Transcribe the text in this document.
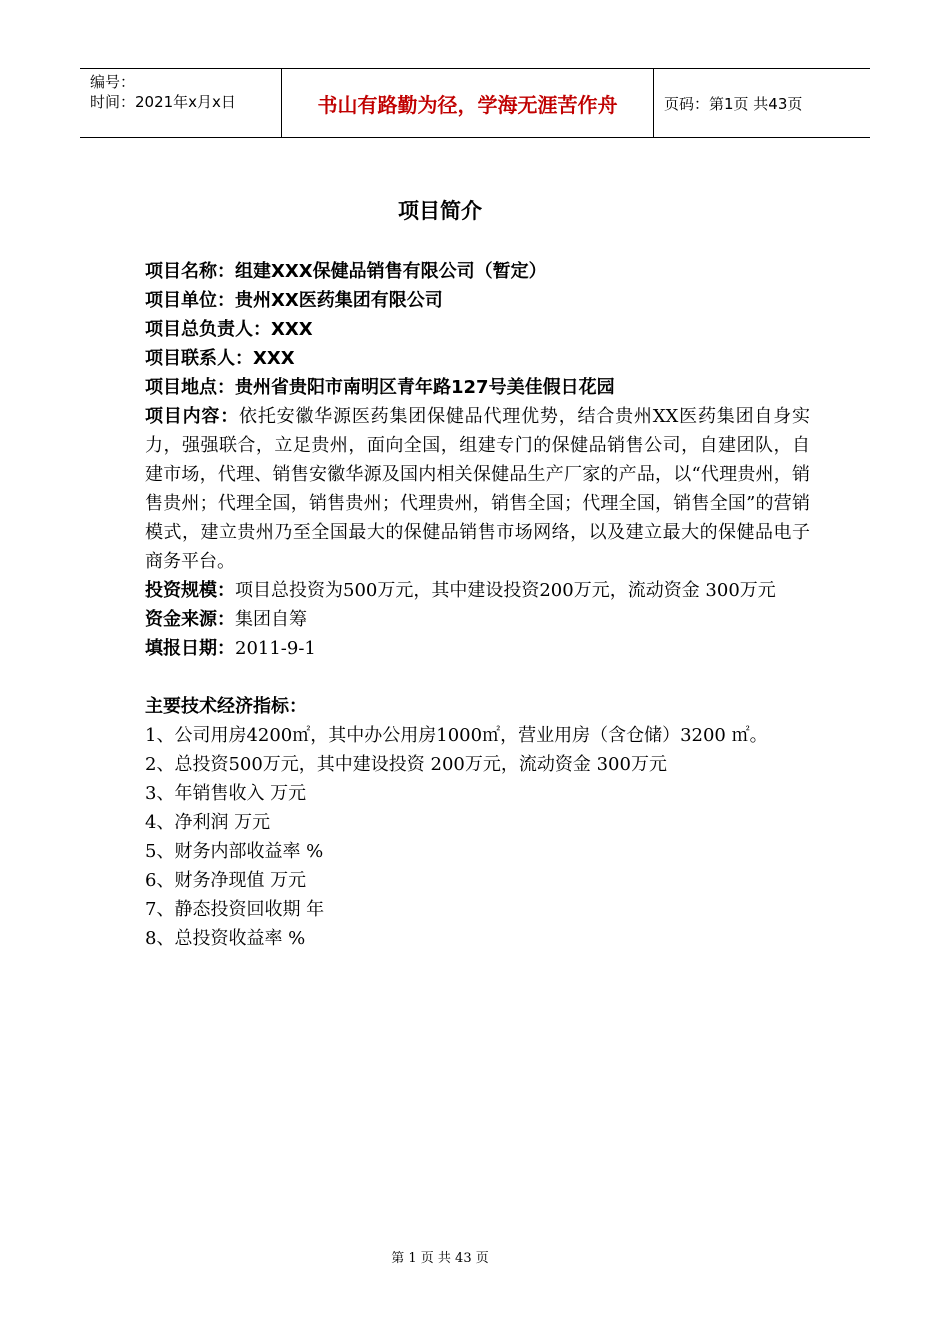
编号：
时间：2021年x月x日	书山有路勤为径，学海无涯苦作舟	页码：第1页 共43页
项目简介
项目名称：组建XXX保健品销售有限公司（暂定）
项目单位：贵州XX医药集团有限公司
项目总负责人：XXX
项目联系人：XXX
项目地点：贵州省贵阳市南明区青年路127号美佳假日花园
项目内容：依托安徽华源医药集团保健品代理优势，结合贵州XX医药集团自身实力，强强联合，立足贵州，面向全国，组建专门的保健品销售公司，自建团队，自建市场，代理、销售安徽华源及国内相关保健品生产厂家的产品，以“代理贵州，销售贵州；代理全国，销售贵州；代理贵州，销售全国；代理全国，销售全国”的营销模式，建立贵州乃至全国最大的保健品销售市场网络，以及建立最大的保健品电子商务平台。
投资规模：项目总投资为500万元，其中建设投资200万元，流动资金 300万元
资金来源：集团自筹
填报日期：2011-9-1
主要技术经济指标：
1、公司用房4200㎡，其中办公用房1000㎡，营业用房（含仓储）3200 ㎡。
2、总投资500万元，其中建设投资 200万元，流动资金 300万元
3、年销售收入 万元
4、净利润 万元
5、财务内部收益率 %
6、财务净现值 万元
7、静态投资回收期 年
8、总投资收益率 %
第 1 页 共 43 页
